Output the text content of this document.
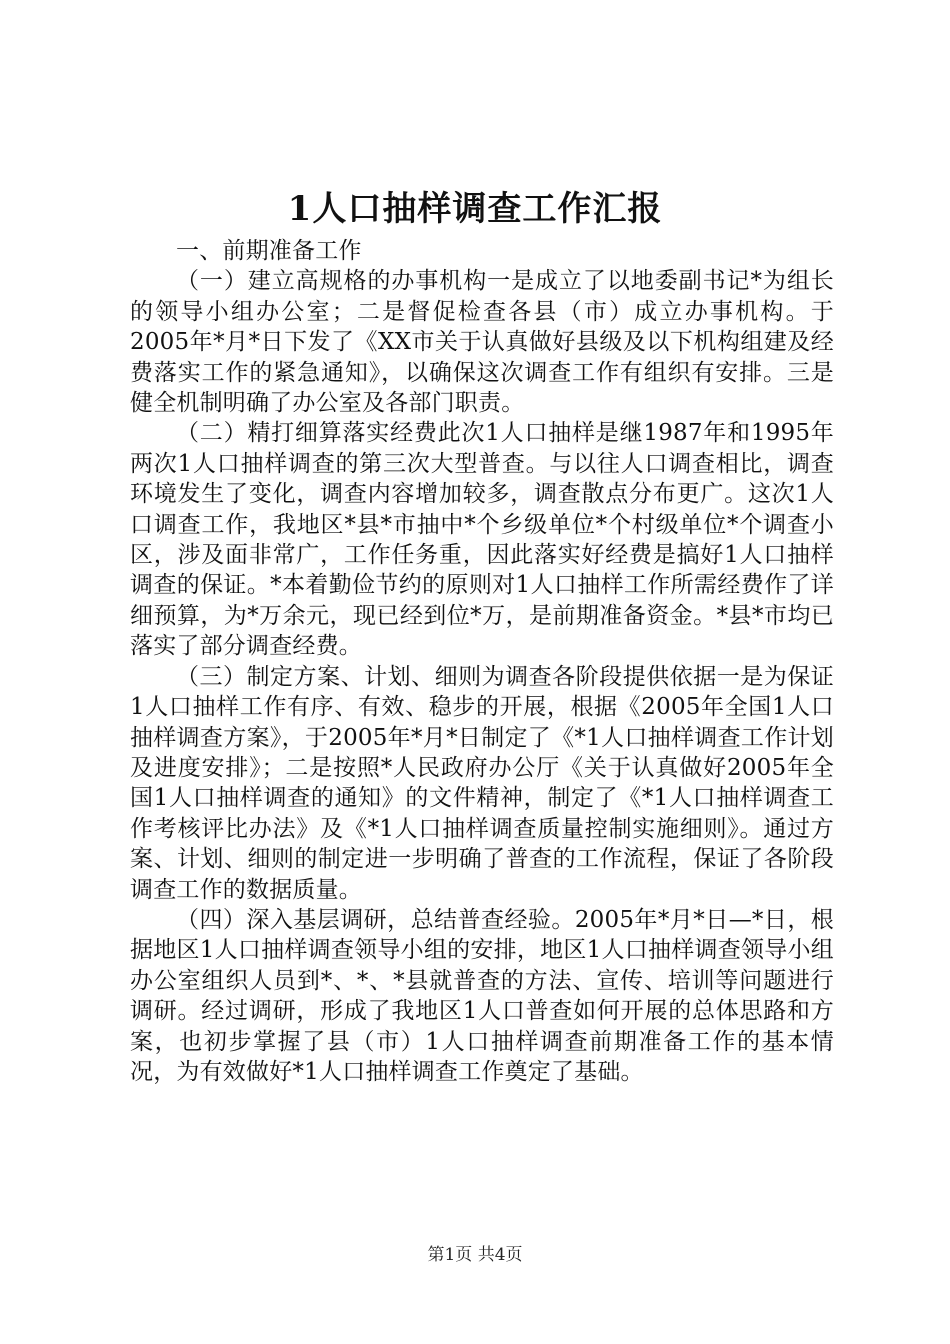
1人口抽样调查工作汇报

一、前期准备工作

（一）建立高规格的办事机构一是成立了以地委副书记*为组长的领导小组办公室；二是督促检查各县（市）成立办事机构。于2005年*月*日下发了《XX市关于认真做好县级及以下机构组建及经费落实工作的紧急通知》，以确保这次调查工作有组织有安排。三是健全机制明确了办公室及各部门职责。

（二）精打细算落实经费此次1人口抽样是继1987年和1995年两次1人口抽样调查的第三次大型普查。与以往人口调查相比，调查环境发生了变化，调查内容增加较多，调查散点分布更广。这次1人口调查工作，我地区*县*市抽中*个乡级单位*个村级单位*个调查小区，涉及面非常广，工作任务重，因此落实好经费是搞好1人口抽样调查的保证。*本着勤俭节约的原则对1人口抽样工作所需经费作了详细预算，为*万余元，现已经到位*万，是前期准备资金。*县*市均已落实了部分调查经费。

（三）制定方案、计划、细则为调查各阶段提供依据一是为保证1人口抽样工作有序、有效、稳步的开展，根据《2005年全国1人口抽样调查方案》，于2005年*月*日制定了《*1人口抽样调查工作计划及进度安排》；二是按照*人民政府办公厅《关于认真做好2005年全国1人口抽样调查的通知》的文件精神，制定了《*1人口抽样调查工作考核评比办法》及《*1人口抽样调查质量控制实施细则》。通过方案、计划、细则的制定进一步明确了普查的工作流程，保证了各阶段调查工作的数据质量。

（四）深入基层调研，总结普查经验。2005年*月*日—*日，根据地区1人口抽样调查领导小组的安排，地区1人口抽样调查领导小组办公室组织人员到*、*、*县就普查的方法、宣传、培训等问题进行调研。经过调研，形成了我地区1人口普查如何开展的总体思路和方案，也初步掌握了县（市）1人口抽样调查前期准备工作的基本情况，为有效做好*1人口抽样调查工作奠定了基础。

第1页 共4页
